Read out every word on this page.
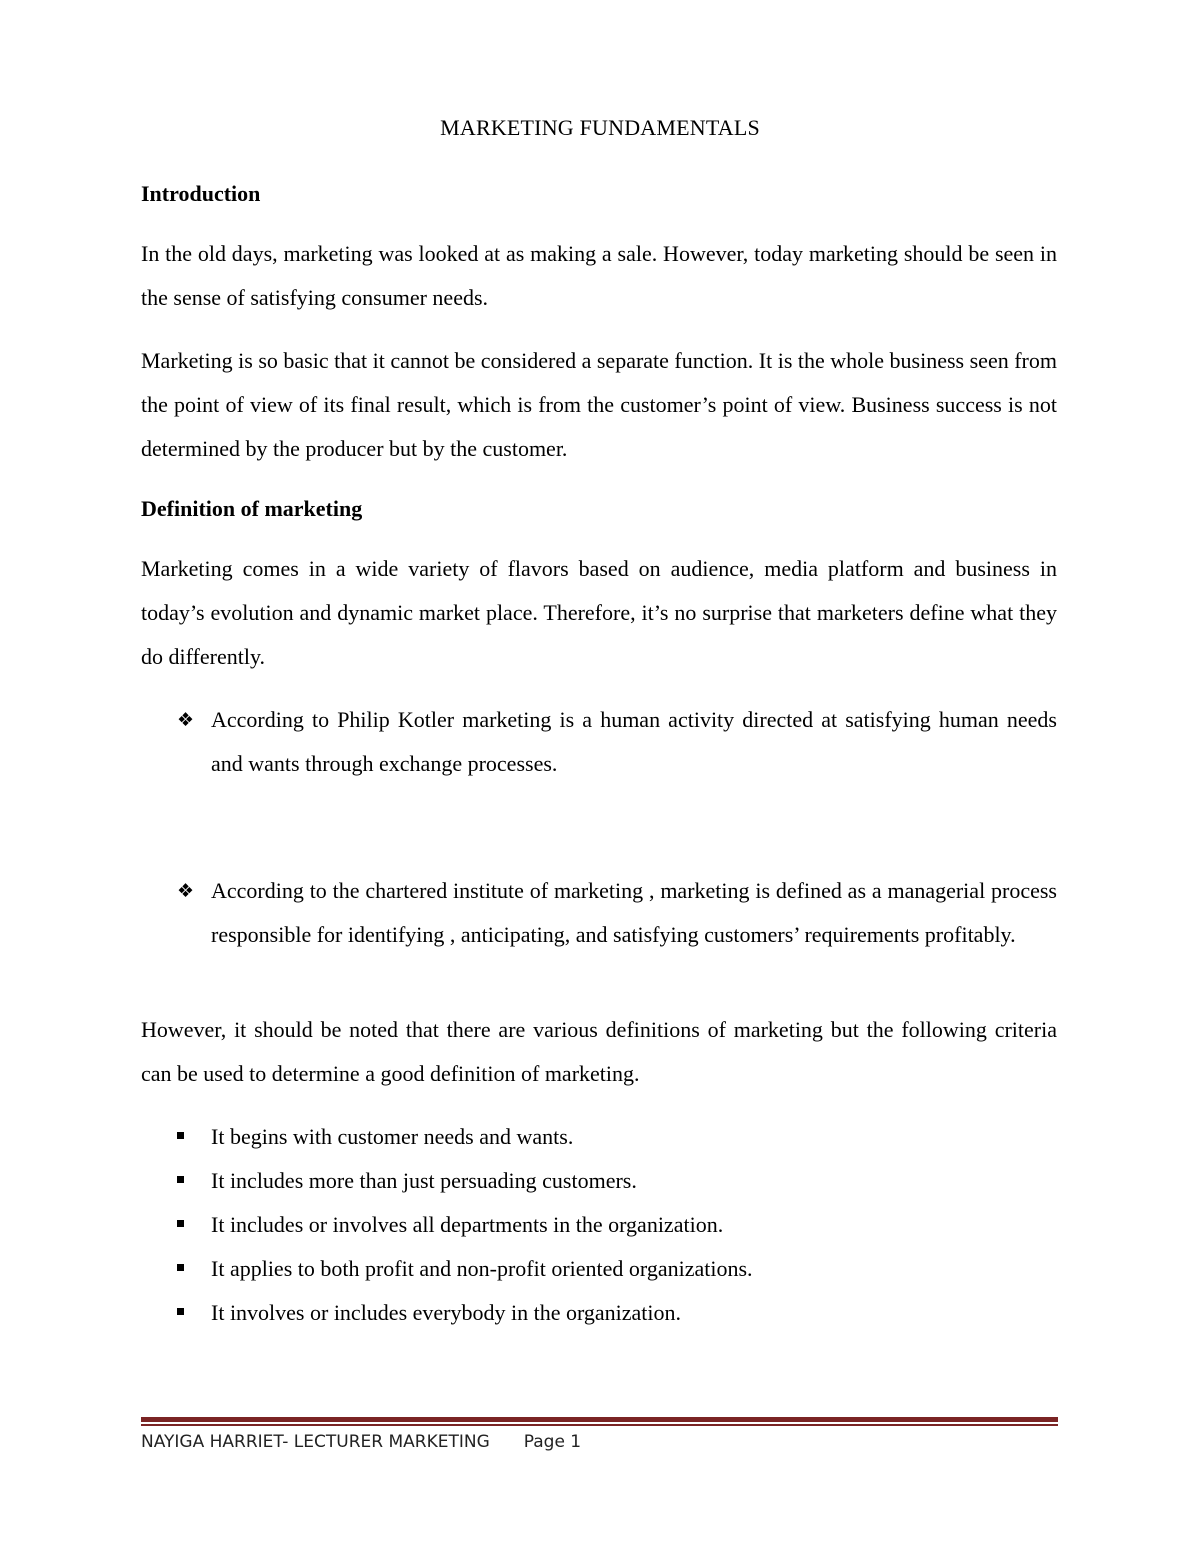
MARKETING FUNDAMENTALS
Introduction

In the old days, marketing was looked at as making a sale. However, today marketing should be seen in the sense of satisfying consumer needs.

Marketing is so basic that it cannot be considered a separate function. It is the whole business seen from the point of view of its final result, which is from the customer’s point of view. Business success is not determined by the producer but by the customer.

Definition of marketing

Marketing comes in a wide variety of flavors based on audience, media platform and business in today’s evolution and dynamic market place. Therefore, it’s no surprise that marketers define what they do differently.

❖ According to Philip Kotler marketing is a human activity directed at satisfying human needs and wants through exchange processes.
❖ According to the chartered institute of marketing , marketing is defined as a managerial process responsible for identifying , anticipating, and satisfying customers’ requirements profitably.

However, it should be noted that there are various definitions of marketing but the following criteria can be used to determine a good definition of marketing.

It begins with customer needs and wants.
It includes more than just persuading customers.
It includes or involves all departments in the organization.
It applies to both profit and non-profit oriented organizations.
It involves or includes everybody in the organization.
NAYIGA HARRIET- LECTURER MARKETING Page 1
